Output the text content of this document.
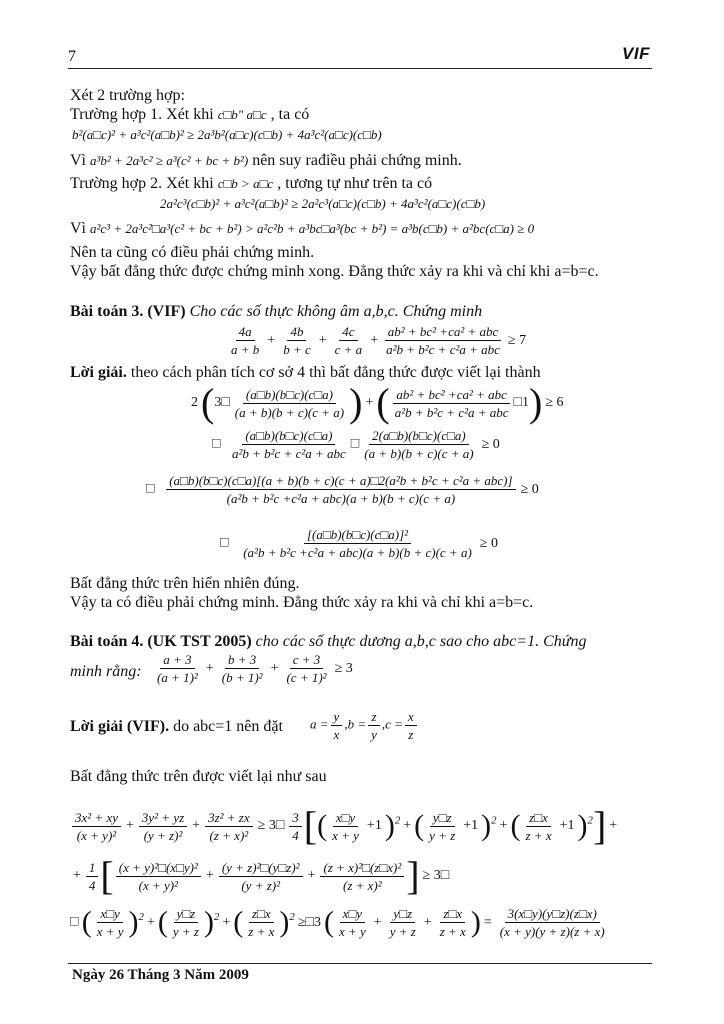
7	VIF
Xét 2 trường hợp:
Trường hợp 1. Xét khi c□b" a□c , ta có
b²(a□c)² + a³c²(a□b)² ≥ 2a³b²(a□c)(c□b) + 4a³c²(a□c)(c□b)
Vì a³b² + 2a³c² ≥ a³(c² + bc + b²) nên suy rađiều phải chứng minh.
Trường hợp 2. Xét khi c□b > a□c , tương tự như trên ta có
2a²c³(c□b)² + a³c²(a□b)² ≥ 2a²c³(a□c)(c□b) + 4a³c²(a□c)(c□b)
Vì a²c³ + 2a³c²□a³(c² + bc + b²) > a²c²b + a³bc□a³(bc + b²) = a³b(c□b) + a²bc(c□a) ≥ 0
Nên ta cũng có điều phải chứng minh.
Vậy bất đẳng thức được chứng minh xong. Đẳng thức xảy ra khi và chỉ khi a=b=c.
Bài toán 3. (VIF) Cho các số thực không âm a,b,c. Chứng minh
$\frac{4a}{a + b} + \frac{4b}{b + c} + \frac{4c}{c + a} + \frac{\text{ab² + bc² +ca² + abc}}{\text{a²b + b²c + c²a + abc}} \ge 7$
Lời giải. theo cách phân tích cơ sở 4 thì bất đẳng thức được viết lại thành
2(3□ $\frac{(a□b)(b□c)(c□a)}{(a + b)(b + c)(c + a)}$ ) +( $\frac{\text{ab² + bc² +ca² + abc}}{\text{a²b + b²c + c²a + abc}}$ □1) ≥ 6
□ $\frac{(a□b)(b□c)(c□a)}{\text{a²b + b²c + c²a + abc}}$ □ $\frac{2(a□b)(b□c)(c□a)}{(a + b)(b + c)(c + a)} \ge 0$
□
(a□b)(b□c)(c□a)[(a + b)(b + c)(c + a)□2(a²b + b²c + c²a + abc)]
(a²b + b²c +c²a + abc)(a + b)(b + c)(c + a)
≥ 0
□ $\frac{\text{[(a□b)(b□c)(c□a)]²}}{\text{(a²b + b²c +c²a + abc)(a + b)(b + c)(c + a)}} \ge 0$
Bất đẳng thức trên hiển nhiên đúng.
Vậy ta có điều phải chứng minh. Đẳng thức xảy ra khi và chỉ khi a=b=c.
Bài toán 4. (UK TST 2005) cho các số thực dương a,b,c sao cho abc=1. Chứng
minh rằng: $\frac{a + 3}{\text{(a + 1)²}} + \frac{b + 3}{\text{(b + 1)²}} + \frac{c + 3}{\text{(c + 1)²}} \ge 3$
Lời giải (VIF). do abc=1 nên đặt $a = \frac{y}{x} ,b = \frac{z}{y} ,c = \frac{x}{z}$
Bất đẳng thức trên được viết lại như sau
$\frac{\text{3x² + xy}}{\text{(x + y)²}} + \frac{\text{3y² + yz}}{\text{(y + z)²}} + \frac{\text{3z² + zx}}{\text{(z + x)²}}$ ≥ 3□ $\frac{3}{4}$ [( $\frac{x□y}{x + y} +1$ )$^2$ + ( $\frac{y□z}{y + z} +1$ )$^2$ + ( $\frac{z□x}{z + x} +1$ )$^2$] +
+ $\frac{1}{4}$ [ $\frac{\text{(x + y)²□(x□y)²}}{\text{(x + y)²}} + \frac{\text{(y + z)²□(y□z)²}}{\text{(y + z)²}} + \frac{\text{(z + x)²□(z□x)²}}{\text{(z + x)²}}$ ] ≥ 3□
□ ( $\frac{x□y}{x + y} )^2$ + ( $\frac{y□z}{y + z} )^2$ + ( $\frac{z□x}{z + x} )^2$ ≥□3 ( $\frac{x□y}{x + y} + \frac{y□z}{y + z} + \frac{z□x}{z + x}$ ) = $\frac{3(x□y)(y□z)(z□x)}{(x + y)(y + z)(z + x)}$
Ngày 26 Tháng 3 Năm 2009
